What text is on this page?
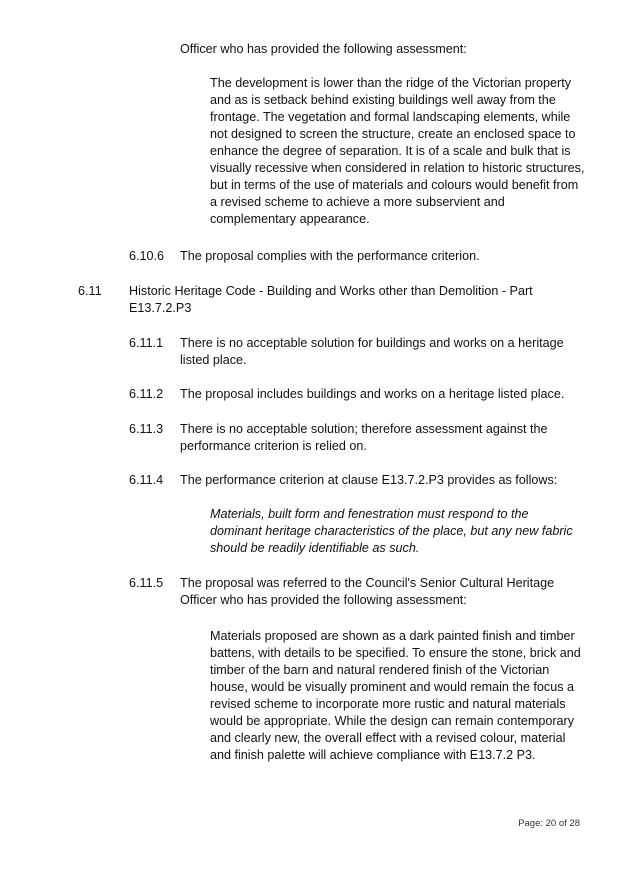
Officer who has provided the following assessment:

The development is lower than the ridge of the Victorian property and as is setback behind existing buildings well away from the frontage. The vegetation and formal landscaping elements, while not designed to screen the structure, create an enclosed space to enhance the degree of separation. It is of a scale and bulk that is visually recessive when considered in relation to historic structures, but in terms of the use of materials and colours would benefit from a revised scheme to achieve a more subservient and complementary appearance.

6.10.6 The proposal complies with the performance criterion.

6.11 Historic Heritage Code - Building and Works other than Demolition - Part E13.7.2.P3

6.11.1 There is no acceptable solution for buildings and works on a heritage listed place.

6.11.2 The proposal includes buildings and works on a heritage listed place.

6.11.3 There is no acceptable solution; therefore assessment against the performance criterion is relied on.

6.11.4 The performance criterion at clause E13.7.2.P3 provides as follows:

Materials, built form and fenestration must respond to the dominant heritage characteristics of the place, but any new fabric should be readily identifiable as such.

6.11.5 The proposal was referred to the Council's Senior Cultural Heritage Officer who has provided the following assessment:

Materials proposed are shown as a dark painted finish and timber battens, with details to be specified. To ensure the stone, brick and timber of the barn and natural rendered finish of the Victorian house, would be visually prominent and would remain the focus a revised scheme to incorporate more rustic and natural materials would be appropriate. While the design can remain contemporary and clearly new, the overall effect with a revised colour, material and finish palette will achieve compliance with E13.7.2 P3.

Page: 20 of 28
